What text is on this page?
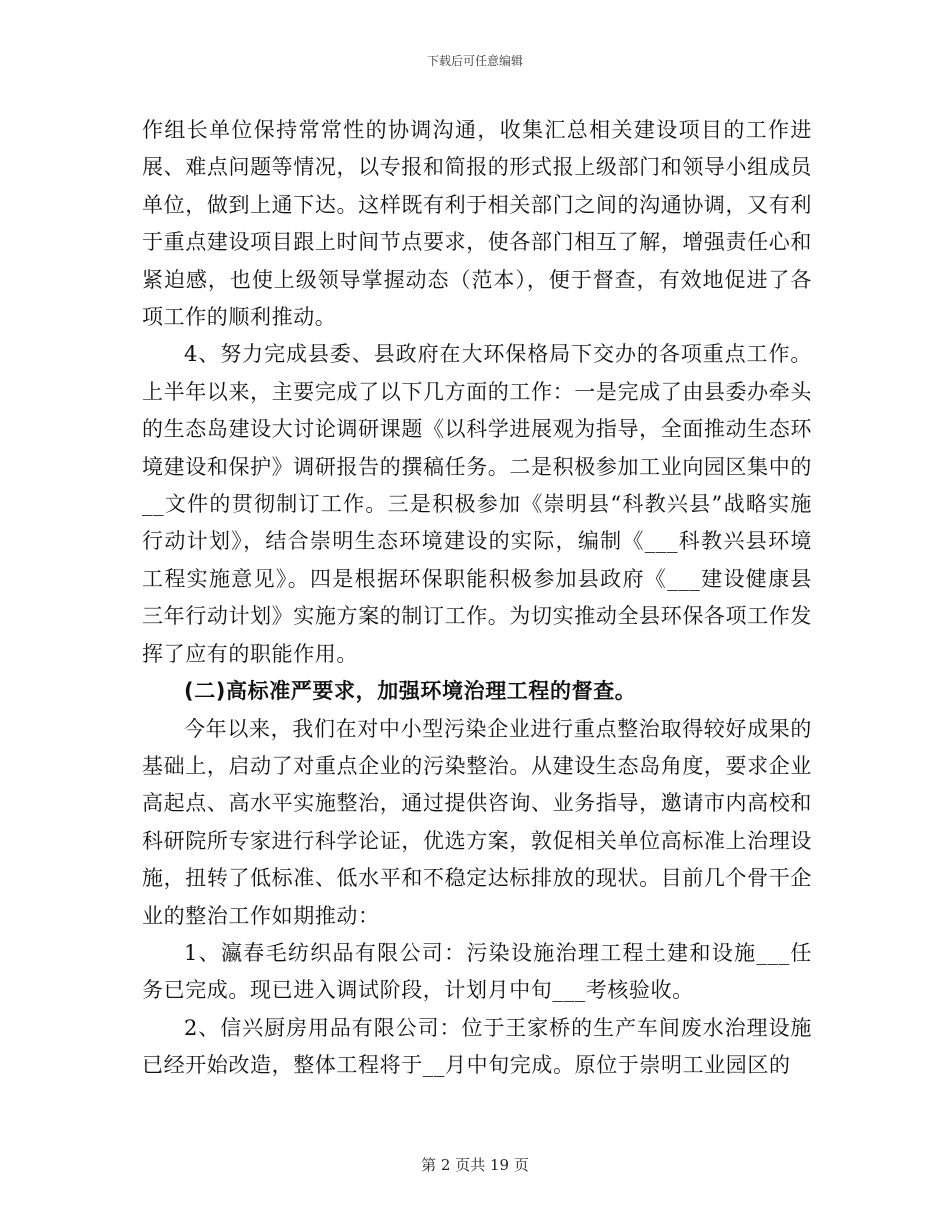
下载后可任意编辑

作组长单位保持常常性的协调沟通，收集汇总相关建设项目的工作进展、难点问题等情况，以专报和简报的形式报上级部门和领导小组成员单位，做到上通下达。这样既有利于相关部门之间的沟通协调，又有利于重点建设项目跟上时间节点要求，使各部门相互了解，增强责任心和紧迫感，也使上级领导掌握动态（范本），便于督查，有效地促进了各项工作的顺利推动。

4、努力完成县委、县政府在大环保格局下交办的各项重点工作。上半年以来，主要完成了以下几方面的工作：一是完成了由县委办牵头的生态岛建设大讨论调研课题《以科学进展观为指导，全面推动生态环境建设和保护》调研报告的撰稿任务。二是积极参加工业向园区集中的__文件的贯彻制订工作。三是积极参加《崇明县“科教兴县”战略实施行动计划》，结合崇明生态环境建设的实际，编制《___科教兴县环境工程实施意见》。四是根据环保职能积极参加县政府《___建设健康县三年行动计划》实施方案的制订工作。为切实推动全县环保各项工作发挥了应有的职能作用。

(二)高标准严要求，加强环境治理工程的督查。

今年以来，我们在对中小型污染企业进行重点整治取得较好成果的基础上，启动了对重点企业的污染整治。从建设生态岛角度，要求企业高起点、高水平实施整治，通过提供咨询、业务指导，邀请市内高校和科研院所专家进行科学论证，优选方案，敦促相关单位高标准上治理设施，扭转了低标准、低水平和不稳定达标排放的现状。目前几个骨干企业的整治工作如期推动：

1、瀛春毛纺织品有限公司：污染设施治理工程土建和设施___任务已完成。现已进入调试阶段，计划月中旬___考核验收。

2、信兴厨房用品有限公司：位于王家桥的生产车间废水治理设施已经开始改造，整体工程将于__月中旬完成。原位于崇明工业园区的

第 2 页共 19 页
